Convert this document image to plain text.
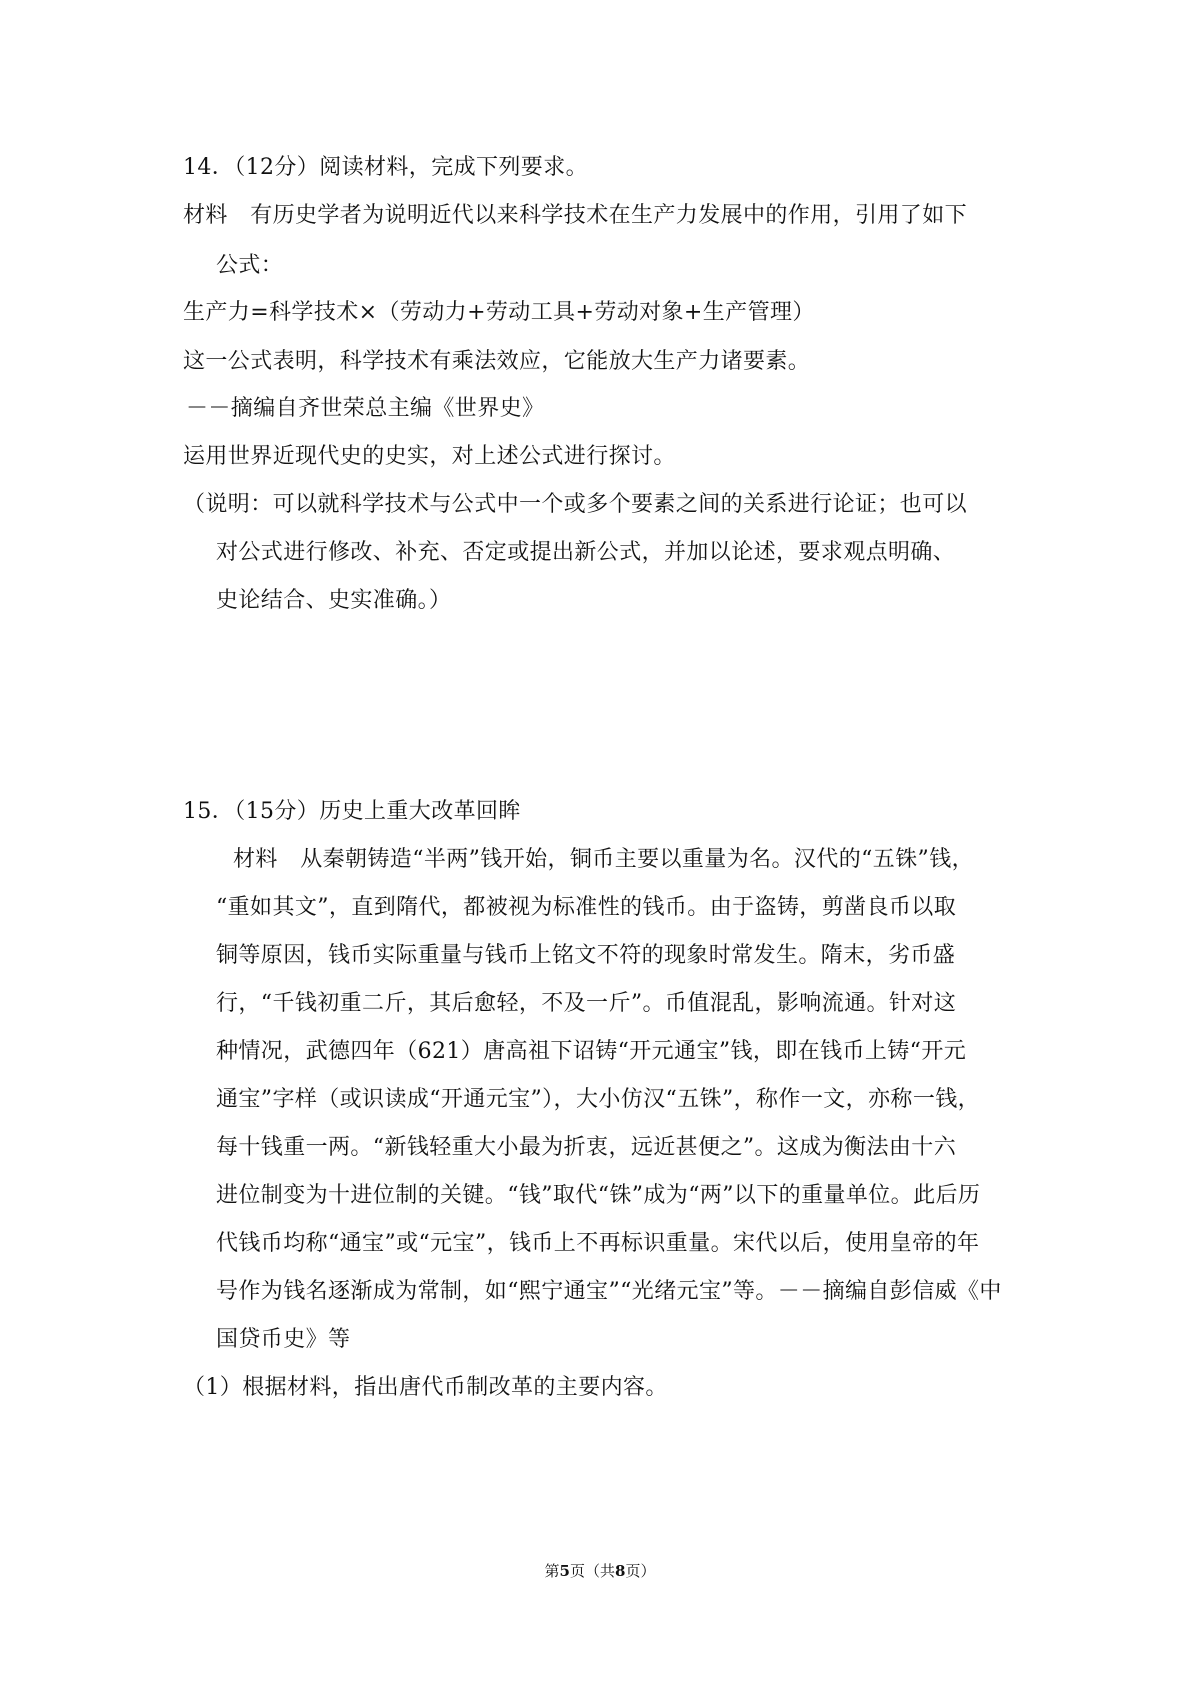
14．（12分）阅读材料，完成下列要求。
材料　有历史学者为说明近代以来科学技术在生产力发展中的作用，引用了如下
公式：
生产力=科学技术×（劳动力+劳动工具+劳动对象+生产管理）
这一公式表明，科学技术有乘法效应，它能放大生产力诸要素。
－－摘编自齐世荣总主编《世界史》
运用世界近现代史的史实，对上述公式进行探讨。
（说明：可以就科学技术与公式中一个或多个要素之间的关系进行论证；也可以
对公式进行修改、补充、否定或提出新公式，并加以论述，要求观点明确、
史论结合、史实准确。）
15．（15分）历史上重大改革回眸
材料　从秦朝铸造“半两”钱开始，铜币主要以重量为名。汉代的“五铢”钱，
“重如其文”，直到隋代，都被视为标准性的钱币。由于盗铸，剪凿良币以取
铜等原因，钱币实际重量与钱币上铭文不符的现象时常发生。隋末，劣币盛
行，“千钱初重二斤，其后愈轻，不及一斤”。币值混乱，影响流通。针对这
种情况，武德四年（621）唐高祖下诏铸“开元通宝”钱，即在钱币上铸“开元
通宝”字样（或识读成“开通元宝”），大小仿汉“五铢”，称作一文，亦称一钱，
每十钱重一两。“新钱轻重大小最为折衷，远近甚便之”。这成为衡法由十六
进位制变为十进位制的关键。“钱”取代“铢”成为“两”以下的重量单位。此后历
代钱币均称“通宝”或“元宝”，钱币上不再标识重量。宋代以后，使用皇帝的年
号作为钱名逐渐成为常制，如“熙宁通宝”“光绪元宝”等。－－摘编自彭信威《中
国贷币史》等
（1）根据材料，指出唐代币制改革的主要内容。
第5页（共8页）
